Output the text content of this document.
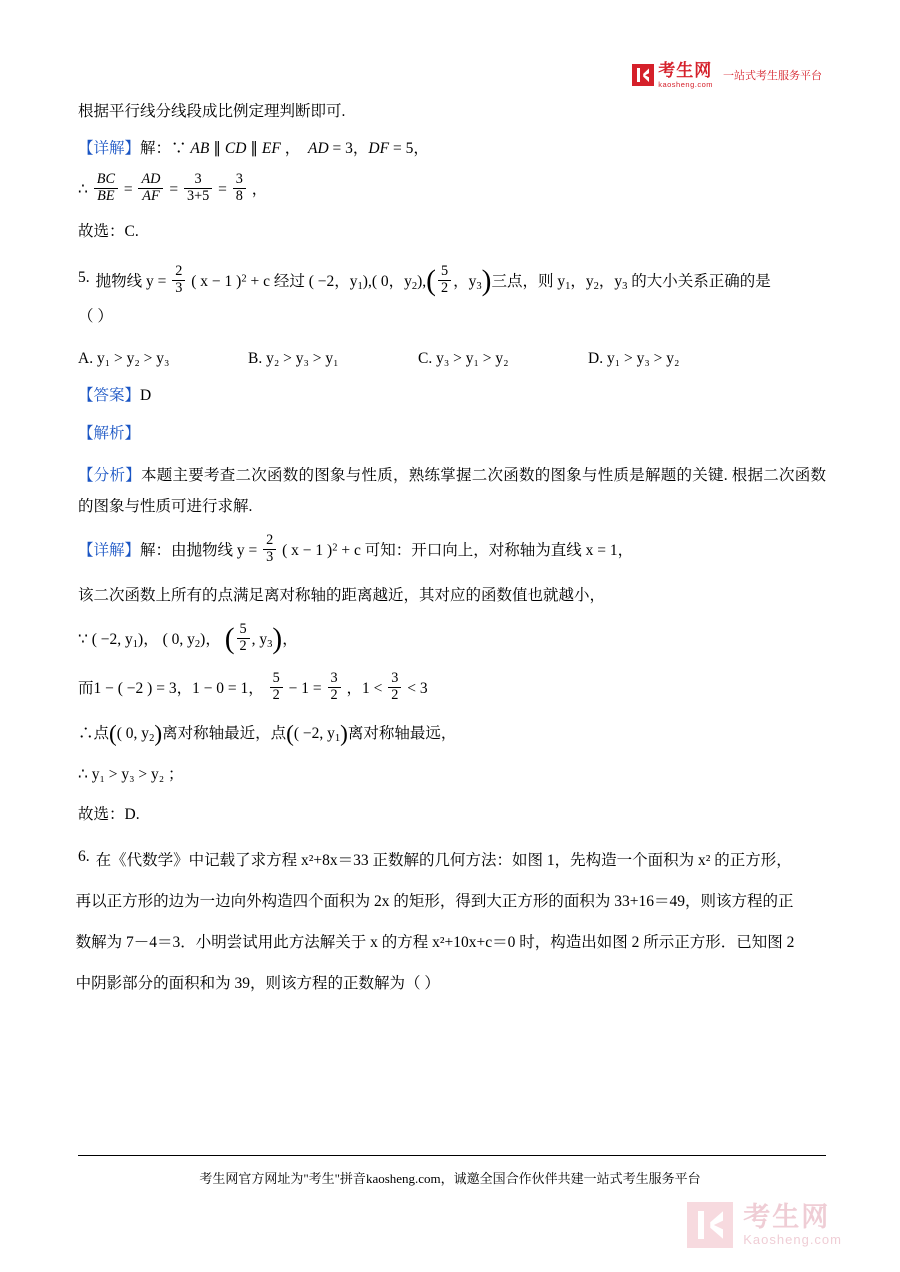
考生网
kaosheng.com
一站式考生服务平台
根据平行线分线段成比例定理判断即可.
【详解】解：∵ AB ∥ CD ∥ EF ，  AD = 3，DF = 5，
∴ $\frac{BC}{BE} = \frac{AD}{AF} = \frac{3}{3+5} = \frac{3}{8}$ ，
故选：C.
5. 抛物线 $y = \frac{2}{3}$ ( x − 1 )$^2$ + c 经过 ( −2，$y_1$),( 0，$y_2),( \frac{5}{2}$ ，$y_3$)三点，则 $y_1$，$y_2$，$y_3$ 的大小关系正确的是
（ ）
A. y₁ > y₂ > y₃	B. y₂ > y₃ > y₁	C. y₃ > y₁ > y₂	D. y₁ > y₃ > y₂
【答案】D
【解析】
【分析】本题主要考查二次函数的图象与性质，熟练掌握二次函数的图象与性质是解题的关键. 根据二次函数的图象与性质可进行求解.
【详解】解：由抛物线 $y = \frac{2}{3}$ ( x − 1 )$^2$ + c 可知：开口向上，对称轴为直线 x = 1，
该二次函数上所有的点满足离对称轴的距离越近，其对应的函数值也就越小，
∵ ( −2, $y_1$)， ( 0, $y_2$)， ( $\frac{5}{2}$ , $y_3$)，
而1 − ( −2 ) = 3，1 − 0 = 1， $\frac{5}{2} - 1 = \frac{3}{2}$ ，$1 < \frac{3}{2} < 3$
∴点(( 0, $y_2$)离对称轴最近，点(( −2, $y_1$)离对称轴最远，
∴ y₁ > y₃ > y₂ ；
故选：D.
6. 在《代数学》中记载了求方程 x²+8x＝33 正数解的几何方法：如图 1，先构造一个面积为 x² 的正方形，
再以正方形的边为一边向外构造四个面积为 2x 的矩形，得到大正方形的面积为 33+16＝49，则该方程的正
数解为 7－4＝3．小明尝试用此方法解关于 x 的方程 x²+10x+c＝0 时，构造出如图 2 所示正方形．已知图 2
中阴影部分的面积和为 39，则该方程的正数解为（ ）
考生网官方网址为"考生"拼音kaosheng.com，诚邀全国合作伙伴共建一站式考生服务平台
考生网
Kaosheng.com
